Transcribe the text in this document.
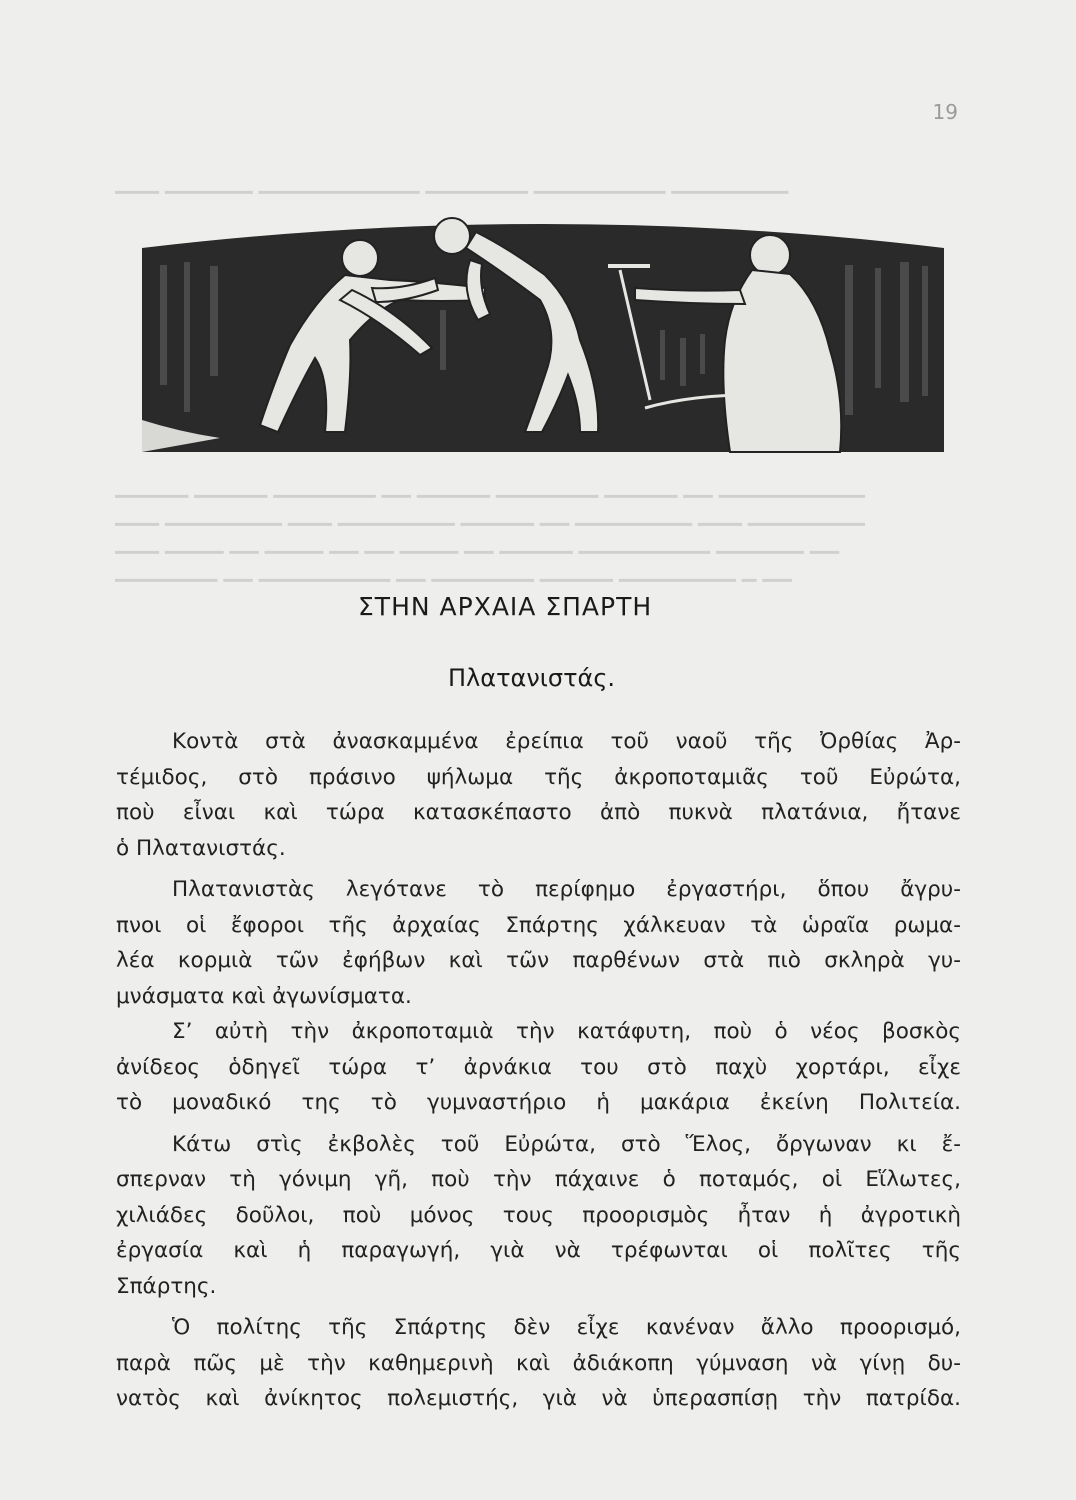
19
▁▁▁ ▁▁▁▁▁▁ ▁▁▁▁▁▁▁▁▁▁▁ ▁▁▁▁▁▁▁ ▁▁▁▁▁▁▁▁▁ ▁▁▁▁▁▁▁▁
▁▁▁▁▁ ▁▁▁▁▁ ▁▁▁▁▁▁▁ ▁▁ ▁▁▁▁▁ ▁▁▁▁▁▁▁ ▁▁▁▁▁ ▁▁ ▁▁▁▁▁▁▁▁▁▁
▁▁▁ ▁▁▁▁▁▁▁▁ ▁▁▁ ▁▁▁▁▁▁▁▁ ▁▁▁▁▁ ▁▁ ▁▁▁▁▁▁▁▁ ▁▁▁ ▁▁▁▁▁▁▁▁
▁▁▁ ▁▁▁▁ ▁▁ ▁▁▁▁ ▁▁ ▁▁ ▁▁▁▁ ▁▁ ▁▁▁▁▁ ▁▁▁▁▁▁▁▁▁ ▁▁▁▁▁▁ ▁▁
▁▁▁▁▁▁▁ ▁▁ ▁▁▁▁▁▁▁▁▁ ▁▁ ▁▁▁▁▁▁▁ ▁▁▁▁▁ ▁▁▁▁▁▁▁▁ ▁ ▁▁
ΣΤΗΝ ΑΡΧΑΙΑ ΣΠΑΡΤΗ
Πλατανιστάς.
Κοντὰ στὰ ἀνασκαμμένα ἐρείπια τοῦ ναοῦ τῆς Ὀρθίας Ἀρ-
τέμιδος, στὸ πράσινο ψήλωμα τῆς ἀκροποταμιᾶς τοῦ Εὐρώτα,
ποὺ εἶναι καὶ τώρα κατασκέπαστο ἀπὸ πυκνὰ πλατάνια, ἤτανε
ὁ Πλατανιστάς.
Πλατανιστὰς λεγότανε τὸ περίφημο ἐργαστήρι, ὅπου ἄγρυ-
πνοι οἱ ἔφοροι τῆς ἀρχαίας Σπάρτης χάλκευαν τὰ ὡραῖα ρωμα-
λέα κορμιὰ τῶν ἐφήβων καὶ τῶν παρθένων στὰ πιὸ σκληρὰ γυ-
μνάσματα καὶ ἀγωνίσματα.
Σ’ αὐτὴ τὴν ἀκροποταμιὰ τὴν κατάφυτη, ποὺ ὁ νέος βοσκὸς
ἀνίδεος ὁδηγεῖ τώρα τ’ ἀρνάκια του στὸ παχὺ χορτάρι, εἶχε
τὸ μοναδικό της τὸ γυμναστήριο ἡ μακάρια ἐκείνη Πολιτεία.
Κάτω στὶς ἐκβολὲς τοῦ Εὐρώτα, στὸ Ἕλος, ὄργωναν κι ἔ-
σπερναν τὴ γόνιμη γῆ, ποὺ τὴν πάχαινε ὁ ποταμός, οἱ Εἵλωτες,
χιλιάδες δοῦλοι, ποὺ μόνος τους προορισμὸς ἦταν ἡ ἀγροτικὴ
ἐργασία καὶ ἡ παραγωγή, γιὰ νὰ τρέφωνται οἱ πολῖτες τῆς
Σπάρτης.
Ὁ πολίτης τῆς Σπάρτης δὲν εἶχε κανέναν ἄλλο προορισμό,
παρὰ πῶς μὲ τὴν καθημερινὴ καὶ ἀδιάκοπη γύμναση νὰ γίνῃ δυ-
νατὸς καὶ ἀνίκητος πολεμιστής, γιὰ νὰ ὑπερασπίσῃ τὴν πατρίδα.
